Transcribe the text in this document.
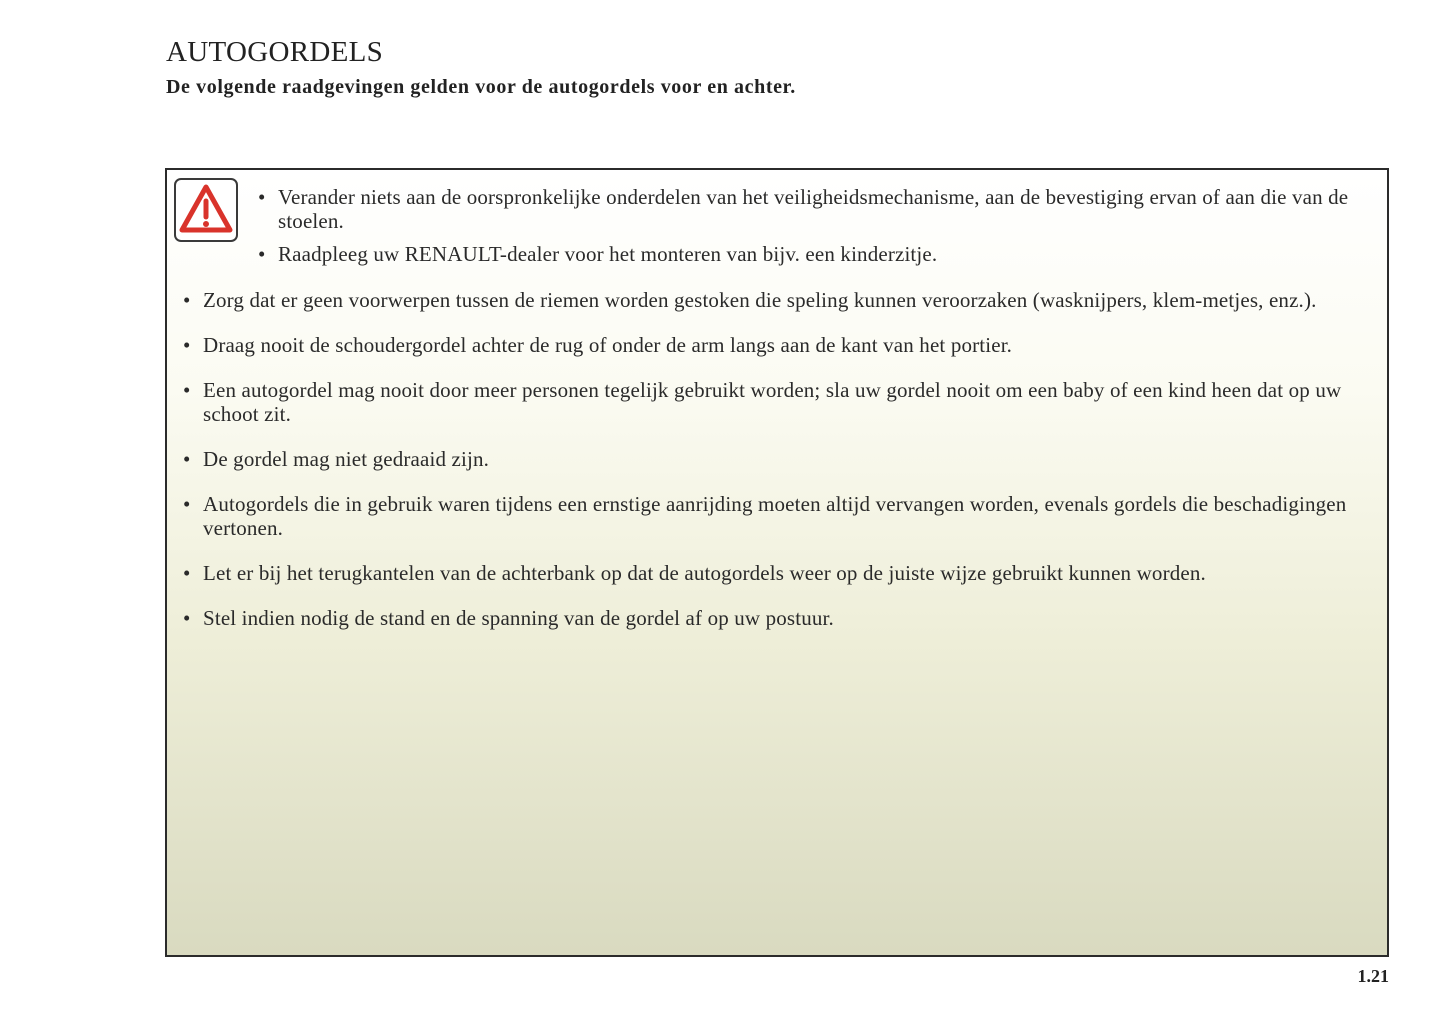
AUTOGORDELS

De volgende raadgevingen gelden voor de autogordels voor en achter.

• Verander niets aan de oorspronkelijke onderdelen van het veiligheidsmechanisme, aan de bevestiging ervan of aan die van de stoelen.
• Raadpleeg uw RENAULT-dealer voor het monteren van bijv. een kinderzitje.
• Zorg dat er geen voorwerpen tussen de riemen worden gestoken die speling kunnen veroorzaken (wasknijpers, klem-metjes, enz.).
• Draag nooit de schoudergordel achter de rug of onder de arm langs aan de kant van het portier.
• Een autogordel mag nooit door meer personen tegelijk gebruikt worden; sla uw gordel nooit om een baby of een kind heen dat op uw schoot zit.
• De gordel mag niet gedraaid zijn.
• Autogordels die in gebruik waren tijdens een ernstige aanrijding moeten altijd vervangen worden, evenals gordels die beschadigingen vertonen.
• Let er bij het terugkantelen van de achterbank op dat de autogordels weer op de juiste wijze gebruikt kunnen worden.
• Stel indien nodig de stand en de spanning van de gordel af op uw postuur.
1.21
